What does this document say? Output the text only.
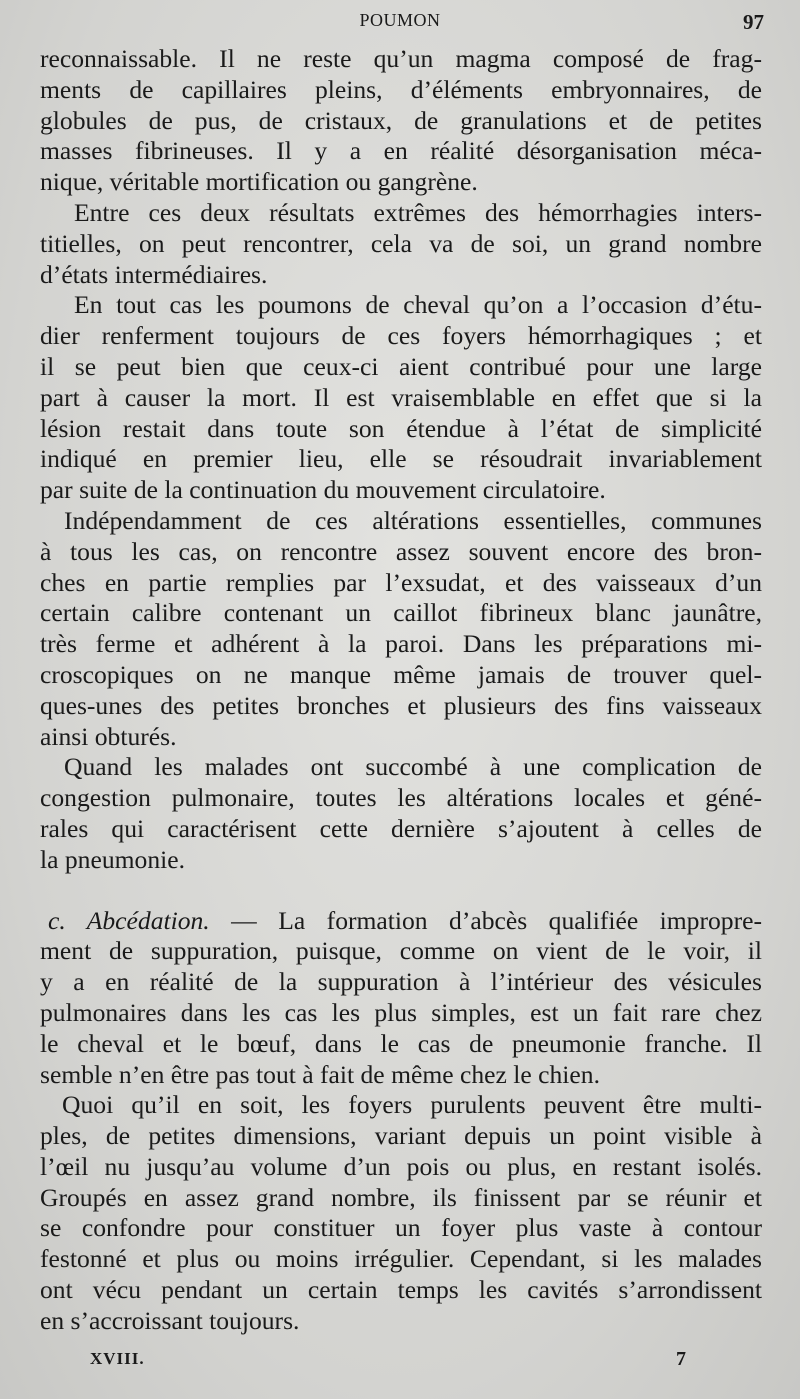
POUMON	97
reconnaissable. Il ne reste qu’un magma composé de frag-
ments de capillaires pleins, d’éléments embryonnaires, de
globules de pus, de cristaux, de granulations et de petites
masses fibrineuses. Il y a en réalité désorganisation méca-
nique, véritable mortification ou gangrène.
Entre ces deux résultats extrêmes des hémorrhagies inters-
titielles, on peut rencontrer, cela va de soi, un grand nombre
d’états intermédiaires.
En tout cas les poumons de cheval qu’on a l’occasion d’étu-
dier renferment toujours de ces foyers hémorrhagiques ; et
il se peut bien que ceux-ci aient contribué pour une large
part à causer la mort. Il est vraisemblable en effet que si la
lésion restait dans toute son étendue à l’état de simplicité
indiqué en premier lieu, elle se résoudrait invariablement
par suite de la continuation du mouvement circulatoire.
Indépendamment de ces altérations essentielles, communes
à tous les cas, on rencontre assez souvent encore des bron-
ches en partie remplies par l’exsudat, et des vaisseaux d’un
certain calibre contenant un caillot fibrineux blanc jaunâtre,
très ferme et adhérent à la paroi. Dans les préparations mi-
croscopiques on ne manque même jamais de trouver quel-
ques-unes des petites bronches et plusieurs des fins vaisseaux
ainsi obturés.
Quand les malades ont succombé à une complication de
congestion pulmonaire, toutes les altérations locales et géné-
rales qui caractérisent cette dernière s’ajoutent à celles de
la pneumonie.
c. Abcédation. — La formation d’abcès qualifiée impropre-
ment de suppuration, puisque, comme on vient de le voir, il
y a en réalité de la suppuration à l’intérieur des vésicules
pulmonaires dans les cas les plus simples, est un fait rare chez
le cheval et le bœuf, dans le cas de pneumonie franche. Il
semble n’en être pas tout à fait de même chez le chien.
Quoi qu’il en soit, les foyers purulents peuvent être multi-
ples, de petites dimensions, variant depuis un point visible à
l’œil nu jusqu’au volume d’un pois ou plus, en restant isolés.
Groupés en assez grand nombre, ils finissent par se réunir et
se confondre pour constituer un foyer plus vaste à contour
festonné et plus ou moins irrégulier. Cependant, si les malades
ont vécu pendant un certain temps les cavités s’arrondissent
en s’accroissant toujours.
XVIII.	7
